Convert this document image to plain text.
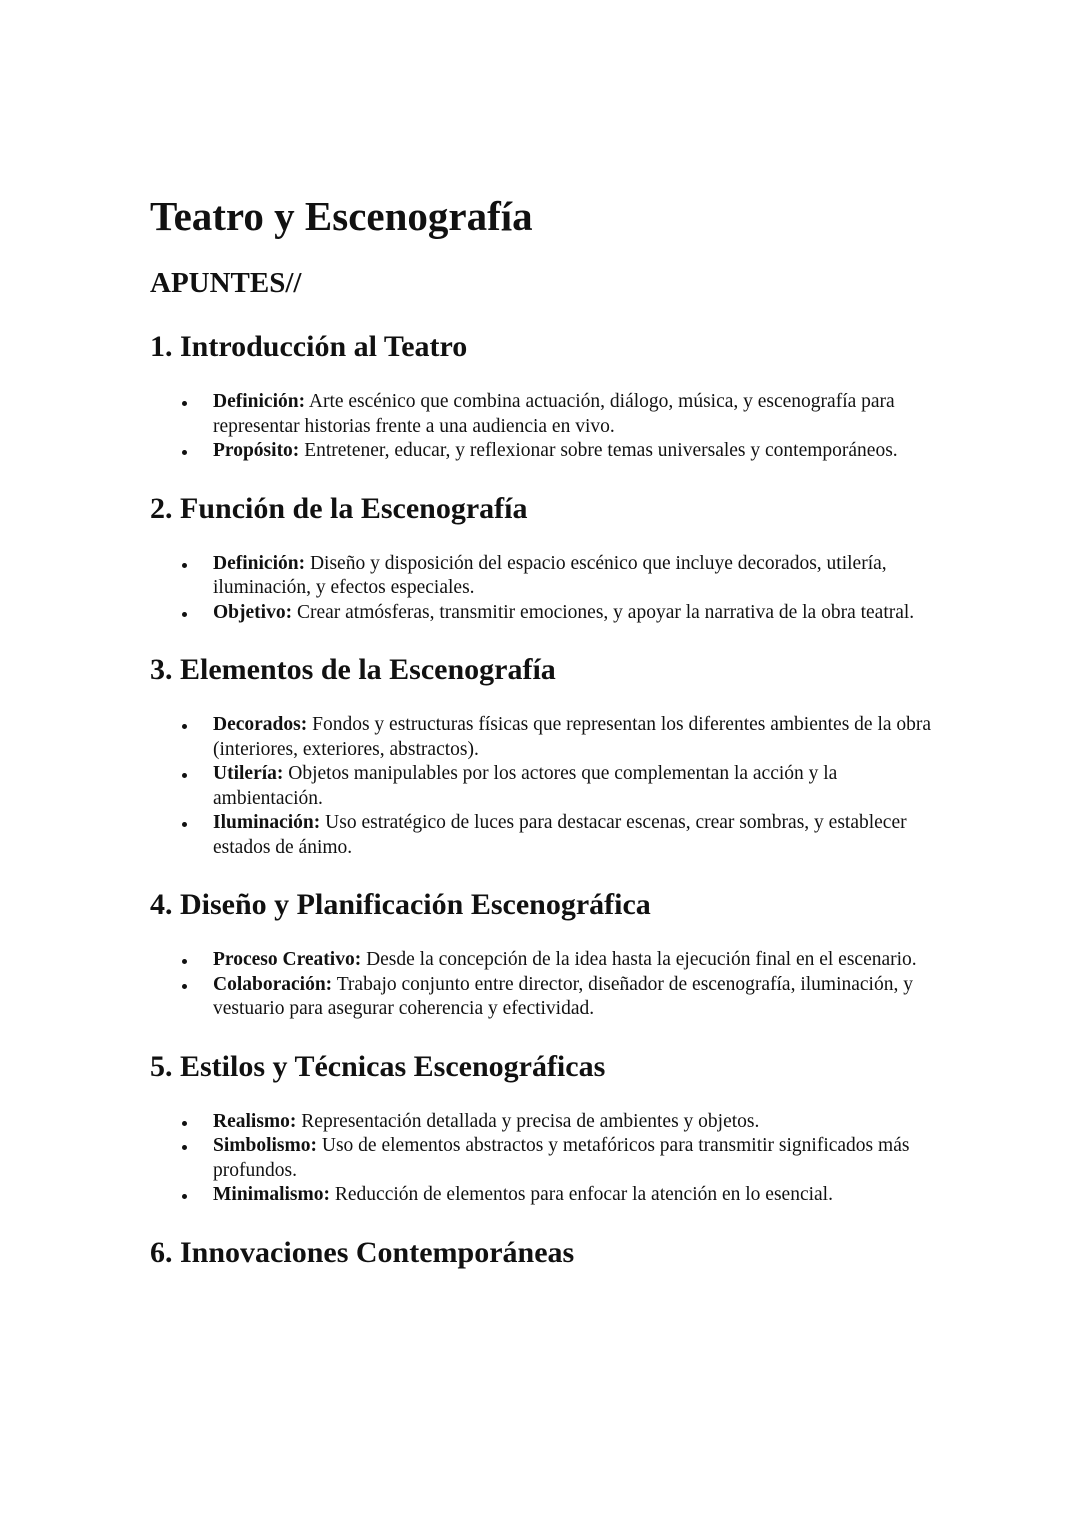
Teatro y Escenografía
APUNTES//
1. Introducción al Teatro
Definición: Arte escénico que combina actuación, diálogo, música, y escenografía para representar historias frente a una audiencia en vivo.
Propósito: Entretener, educar, y reflexionar sobre temas universales y contemporáneos.
2. Función de la Escenografía
Definición: Diseño y disposición del espacio escénico que incluye decorados, utilería, iluminación, y efectos especiales.
Objetivo: Crear atmósferas, transmitir emociones, y apoyar la narrativa de la obra teatral.
3. Elementos de la Escenografía
Decorados: Fondos y estructuras físicas que representan los diferentes ambientes de la obra (interiores, exteriores, abstractos).
Utilería: Objetos manipulables por los actores que complementan la acción y la ambientación.
Iluminación: Uso estratégico de luces para destacar escenas, crear sombras, y establecer estados de ánimo.
4. Diseño y Planificación Escenográfica
Proceso Creativo: Desde la concepción de la idea hasta la ejecución final en el escenario.
Colaboración: Trabajo conjunto entre director, diseñador de escenografía, iluminación, y vestuario para asegurar coherencia y efectividad.
5. Estilos y Técnicas Escenográficas
Realismo: Representación detallada y precisa de ambientes y objetos.
Simbolismo: Uso de elementos abstractos y metafóricos para transmitir significados más profundos.
Minimalismo: Reducción de elementos para enfocar la atención en lo esencial.
6. Innovaciones Contemporáneas
